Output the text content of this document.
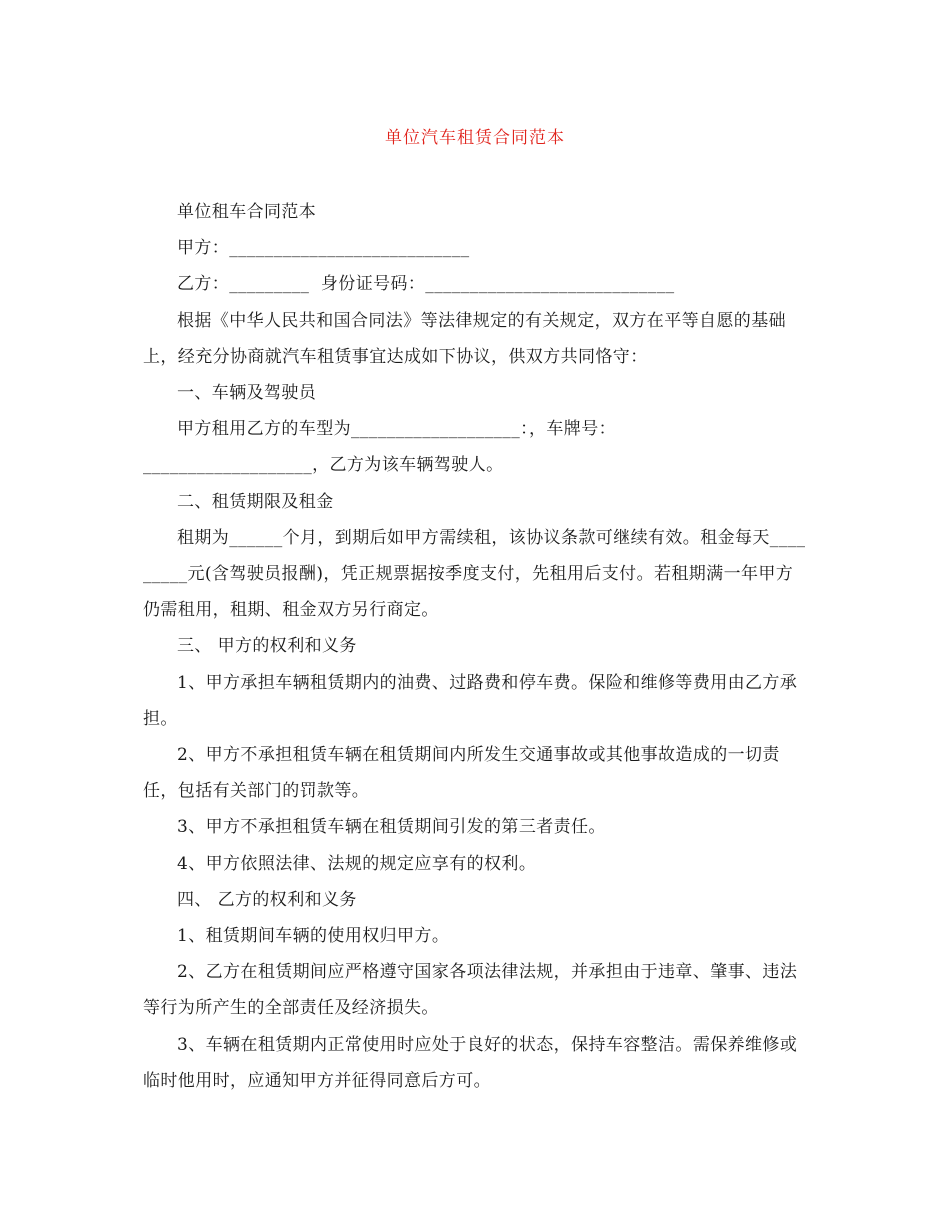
单位汽车租赁合同范本

单位租车合同范本

甲方：___________________________

乙方：_________  身份证号码：____________________________

根据《中华人民共和国合同法》等法律规定的有关规定，双方在平等自愿的基础上，经充分协商就汽车租赁事宜达成如下协议，供双方共同恪守：

一、车辆及驾驶员

甲方租用乙方的车型为___________________：，车牌号：

___________________，乙方为该车辆驾驶人。

二、租赁期限及租金

租期为______个月，到期后如甲方需续租，该协议条款可继续有效。租金每天_________元(含驾驶员报酬)，凭正规票据按季度支付，先租用后支付。若租期满一年甲方仍需租用，租期、租金双方另行商定。

三、 甲方的权利和义务

1、甲方承担车辆租赁期内的油费、过路费和停车费。保险和维修等费用由乙方承担。

2、甲方不承担租赁车辆在租赁期间内所发生交通事故或其他事故造成的一切责任，包括有关部门的罚款等。

3、甲方不承担租赁车辆在租赁期间引发的第三者责任。

4、甲方依照法律、法规的规定应享有的权利。

四、 乙方的权利和义务

1、租赁期间车辆的使用权归甲方。

2、乙方在租赁期间应严格遵守国家各项法律法规，并承担由于违章、肇事、违法等行为所产生的全部责任及经济损失。

3、车辆在租赁期内正常使用时应处于良好的状态，保持车容整洁。需保养维修或临时他用时，应通知甲方并征得同意后方可。
